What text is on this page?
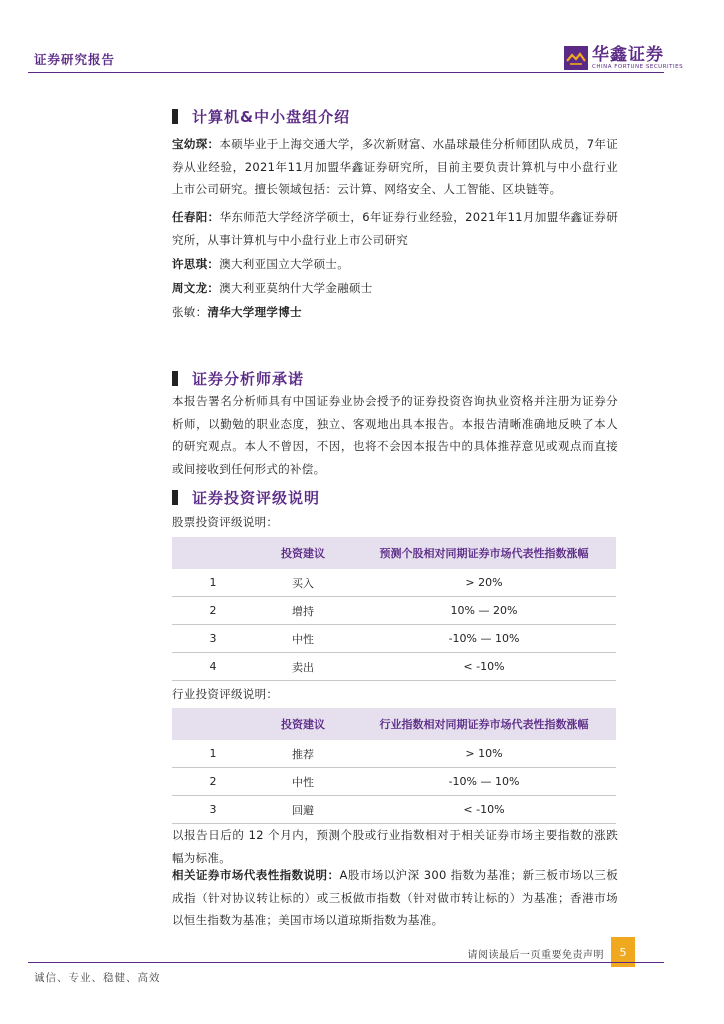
证券研究报告	华鑫证券
CHINA FORTUNE SECURITIES
计算机&中小盘组介绍
宝幼琛：本硕毕业于上海交通大学，多次新财富、水晶球最佳分析师团队成员，7年证券从业经验，2021年11月加盟华鑫证券研究所，目前主要负责计算机与中小盘行业上市公司研究。擅长领域包括：云计算、网络安全、人工智能、区块链等。
任春阳：华东师范大学经济学硕士，6年证券行业经验，2021年11月加盟华鑫证券研究所，从事计算机与中小盘行业上市公司研究
许思琪：澳大利亚国立大学硕士。
周文龙：澳大利亚莫纳什大学金融硕士
张敏：清华大学理学博士
证券分析师承诺
本报告署名分析师具有中国证券业协会授予的证券投资咨询执业资格并注册为证券分析师，以勤勉的职业态度，独立、客观地出具本报告。本报告清晰准确地反映了本人的研究观点。本人不曾因，不因，也将不会因本报告中的具体推荐意见或观点而直接或间接收到任何形式的补偿。
证券投资评级说明
股票投资评级说明：
	投资建议	预测个股相对同期证券市场代表性指数涨幅
1	买入	> 20%
2	增持	10% — 20%
3	中性	-10% — 10%
4	卖出	< -10%
行业投资评级说明：
	投资建议	行业指数相对同期证券市场代表性指数涨幅
1	推荐	> 10%
2	中性	-10% — 10%
3	回避	< -10%
以报告日后的 12 个月内，预测个股或行业指数相对于相关证券市场主要指数的涨跌幅为标准。
相关证券市场代表性指数说明：A股市场以沪深 300 指数为基准；新三板市场以三板成指（针对协议转让标的）或三板做市指数（针对做市转让标的）为基准；香港市场以恒生指数为基准；美国市场以道琼斯指数为基准。
请阅读最后一页重要免责声明	5
诚信、专业、稳健、高效
